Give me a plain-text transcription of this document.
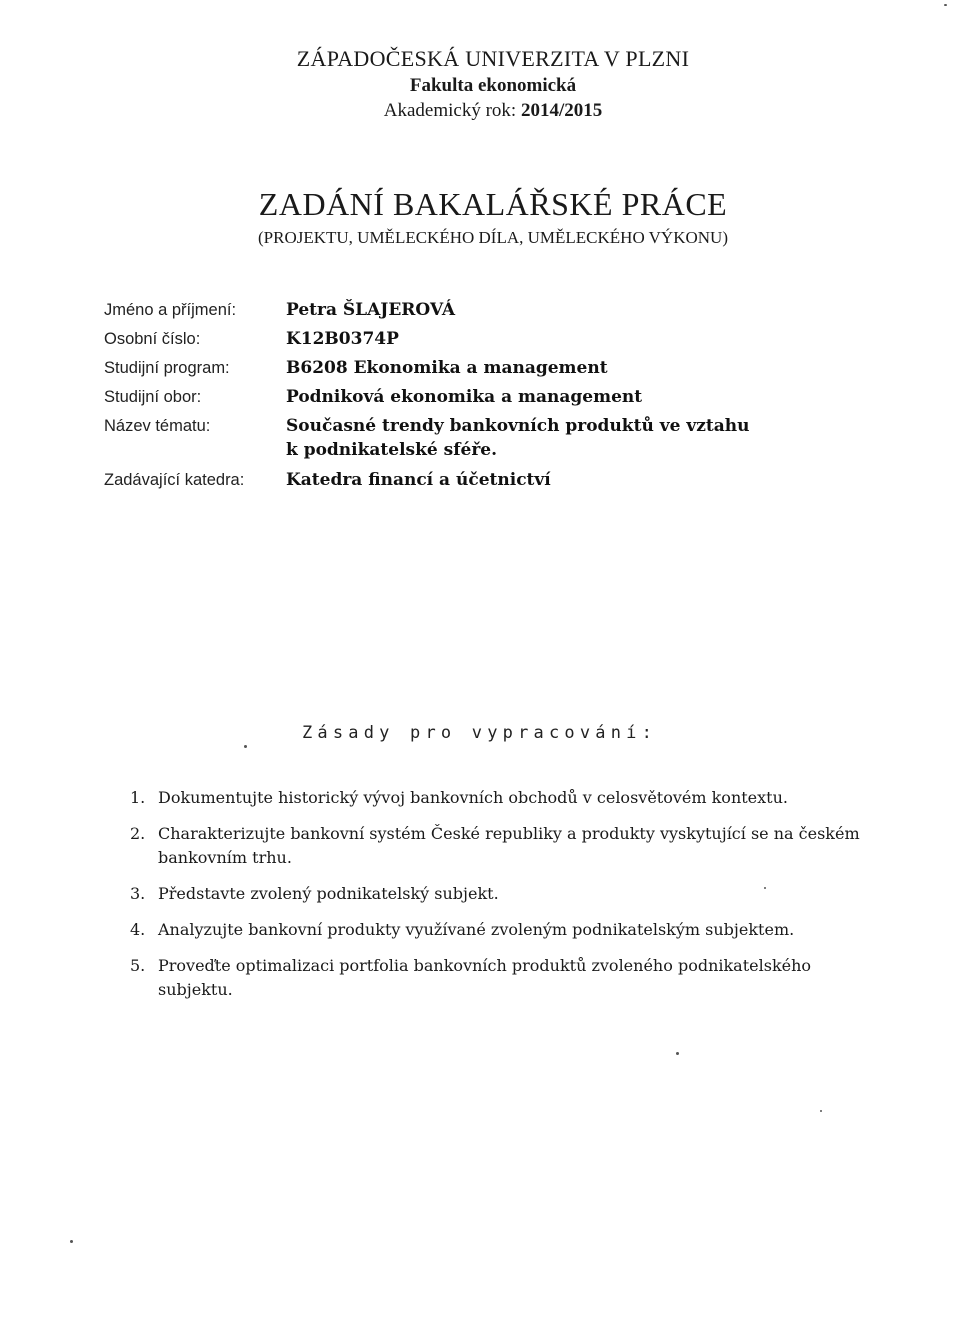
ZÁPADOČESKÁ UNIVERZITA V PLZNI
Fakulta ekonomická
Akademický rok: 2014/2015
ZADÁNÍ BAKALÁŘSKÉ PRÁCE
(PROJEKTU, UMĚLECKÉHO DÍLA, UMĚLECKÉHO VÝKONU)
Jméno a příjmení:	Petra ŠLAJEROVÁ
Osobní číslo:	K12B0374P
Studijní program:	B6208 Ekonomika a management
Studijní obor:	Podniková ekonomika a management
Název tématu:	Současné trendy bankovních produktů ve vztahu
k podnikatelské sféře.
Zadávající katedra:	Katedra financí a účetnictví
Zásady pro vypracování:
1. Dokumentujte historický vývoj bankovních obchodů v celosvětovém kontextu.
2. Charakterizujte bankovní systém České republiky a produkty vyskytující se na českém bankovním trhu.
3. Představte zvolený podnikatelský subjekt.
4. Analyzujte bankovní produkty využívané zvoleným podnikatelským subjektem.
5. Proveďte optimalizaci portfolia bankovních produktů zvoleného podnikatelského subjektu.
